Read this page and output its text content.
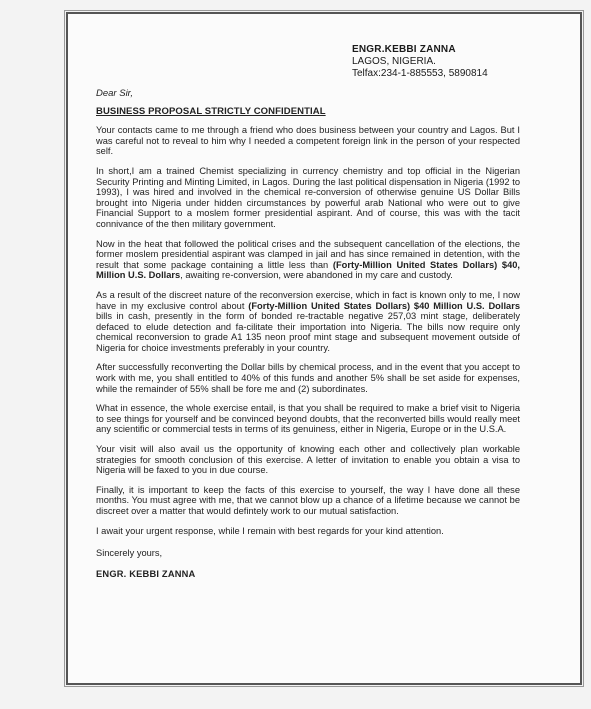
ENGR.KEBBI ZANNA
LAGOS, NIGERIA.
Telfax:234-1-885553, 5890814

Dear Sir,

BUSINESS PROPOSAL STRICTLY CONFIDENTIAL

Your contacts came to me through a friend who does business between your country and Lagos. But I was careful not to reveal to him why I needed a competent foreign link in the person of your respected self.

In short,I am a trained Chemist specializing in currency chemistry and top official in the Nigerian Security Printing and Minting Limited, in Lagos. During the last political dispensation in Nigeria (1992 to 1993), I was hired and involved in the chemical re-conversion of otherwise genuine US Dollar Bills brought into Nigeria under hidden circumstances by powerful arab National who were out to give Financial Support to a moslem former presidential aspirant. And of course, this was with the tacit connivance of the then military government.

Now in the heat that followed the political crises and the subsequent cancellation of the elections, the former moslem presidential aspirant was clamped in jail and has since remained in detention, with the result that some package containing a little less than (Forty-Million United States Dollars) $40, Million U.S. Dollars, awaiting re-conversion, were abandoned in my care and custody.

As a result of the discreet nature of the reconversion exercise, which in fact is known only to me, I now have in my exclusive control about (Forty-Million United States Dollars) $40 Million U.S. Dollars bills in cash, presently in the form of bonded re-tractable negative 257,03 mint stage, deliberately defaced to elude detection and fa-cilitate their importation into Nigeria. The bills now require only chemical reconversion to grade A1 135 neon proof mint stage and subsequent movement outside of Nigeria for choice investments preferably in your country.

After successfully reconverting the Dollar bills by chemical process, and in the event that you accept to work with me, you shall entitled to 40% of this funds and another 5% shall be set aside for expenses, while the remainder of 55% shall be fore me and (2) subordinates.

What in essence, the whole exercise entail, is that you shall be required to make a brief visit to Nigeria to see things for yourself and be convinced beyond doubts, that the reconverted bills would really meet any scientific or commercial tests in terms of its genuiness, either in Nigeria, Europe or in the U.S.A.

Your visit will also avail us the opportunity of knowing each other and collectively plan workable strategies for smooth conclusion of this exercise. A letter of invitation to enable you obtain a visa to Nigeria will be faxed to you in due course.

Finally, it is important to keep the facts of this exercise to yourself, the way I have done all these months. You must agree with me, that we cannot blow up a chance of a lifetime because we cannot be discreet over a matter that would defintely work to our mutual satisfaction.

I await your urgent response, while I remain with best regards for your kind attention.

Sincerely yours,

ENGR. KEBBI ZANNA
